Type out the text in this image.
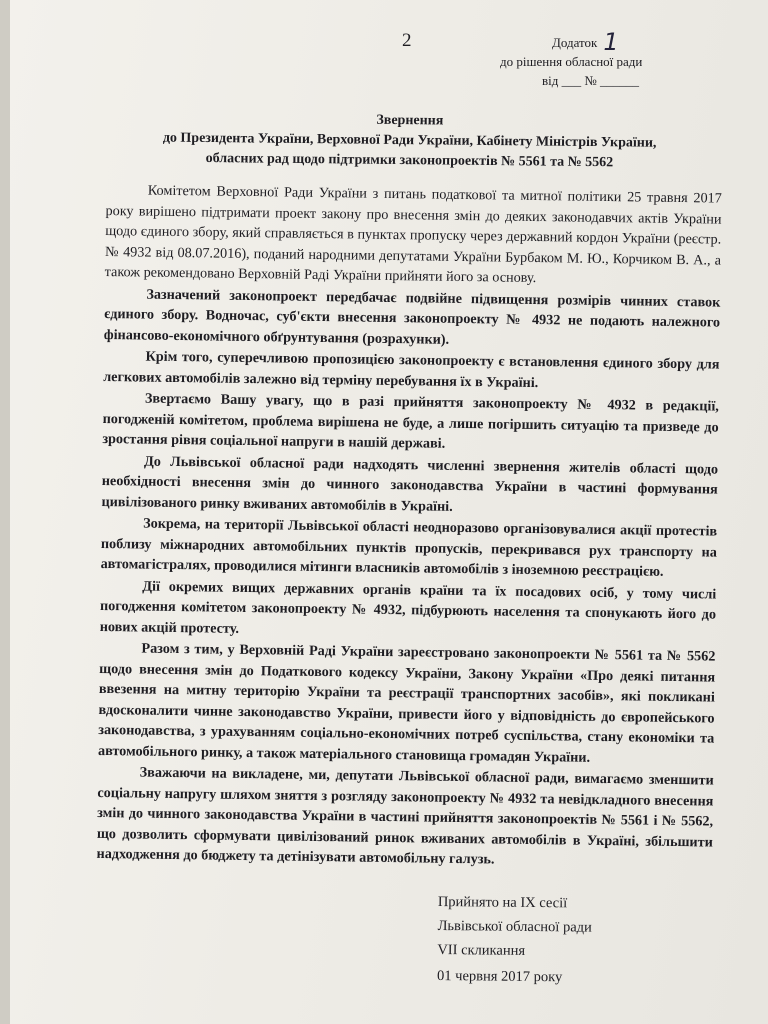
2	Додаток 1
до рішення обласної ради
від ___ № ______
Звернення
до Президента України, Верховної Ради України, Кабінету Міністрів України,
обласних рад щодо підтримки законопроектів № 5561 та № 5562

Комітетом Верховної Ради України з питань податкової та митної політики 25 травня 2017 року вирішено підтримати проект закону про внесення змін до деяких законодавчих актів України щодо єдиного збору, який справляється в пунктах пропуску через державний кордон України (реєстр. № 4932 від 08.07.2016), поданий народними депутатами України Бурбаком М. Ю., Корчиком В. А., а також рекомендовано Верховній Раді України прийняти його за основу.

Зазначений законопроект передбачає подвійне підвищення розмірів чинних ставок єдиного збору. Водночас, суб'єкти внесення законопроекту № 4932 не подають належного фінансово-економічного обґрунтування (розрахунки).

Крім того, суперечливою пропозицією законопроекту є встановлення єдиного збору для легкових автомобілів залежно від терміну перебування їх в Україні.

Звертаємо Вашу увагу, що в разі прийняття законопроекту № 4932 в редакції, погодженій комітетом, проблема вирішена не буде, а лише погіршить ситуацію та призведе до зростання рівня соціальної напруги в нашій державі.

До Львівської обласної ради надходять численні звернення жителів області щодо необхідності внесення змін до чинного законодавства України в частині формування цивілізованого ринку вживаних автомобілів в Україні.

Зокрема, на території Львівської області неодноразово організовувалися акції протестів поблизу міжнародних автомобільних пунктів пропусків, перекривався рух транспорту на автомагістралях, проводилися мітинги власників автомобілів з іноземною реєстрацією.

Дії окремих вищих державних органів країни та їх посадових осіб, у тому числі погодження комітетом законопроекту № 4932, підбурюють населення та спонукають його до нових акцій протесту.

Разом з тим, у Верховній Раді України зареєстровано законопроекти № 5561 та № 5562 щодо внесення змін до Податкового кодексу України, Закону України «Про деякі питання ввезення на митну територію України та реєстрації транспортних засобів», які покликані вдосконалити чинне законодавство України, привести його у відповідність до європейського законодавства, з урахуванням соціально-економічних потреб суспільства, стану економіки та автомобільного ринку, а також матеріального становища громадян України.

Зважаючи на викладене, ми, депутати Львівської обласної ради, вимагаємо зменшити соціальну напругу шляхом зняття з розгляду законопроекту № 4932 та невідкладного внесення змін до чинного законодавства України в частині прийняття законопроектів № 5561 і № 5562, що дозволить сформувати цивілізований ринок вживаних автомобілів в Україні, збільшити надходження до бюджету та детінізувати автомобільну галузь.

Прийнято на IX сесії
Львівської обласної ради
VII скликання
01 червня 2017 року
